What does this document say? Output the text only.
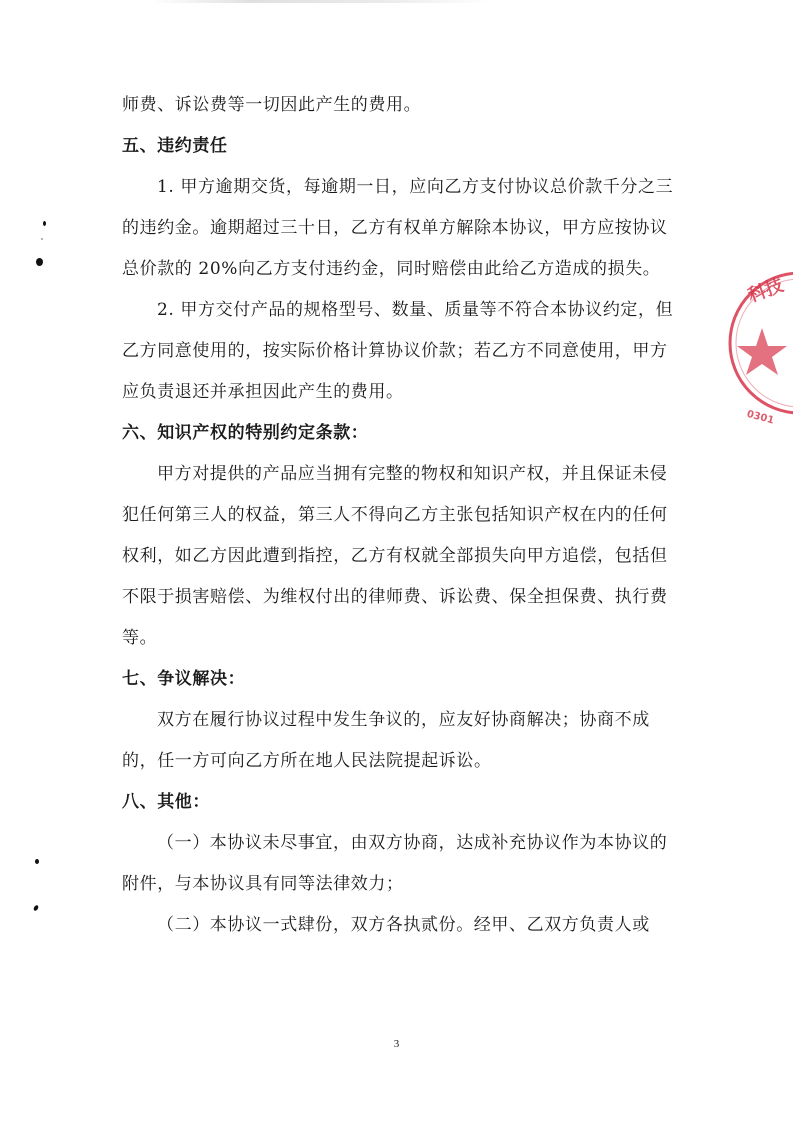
师费、诉讼费等一切因此产生的费用。

五、违约责任

1. 甲方逾期交货，每逾期一日，应向乙方支付协议总价款千分之三的违约金。逾期超过三十日，乙方有权单方解除本协议，甲方应按协议总价款的 20%向乙方支付违约金，同时赔偿由此给乙方造成的损失。

2. 甲方交付产品的规格型号、数量、质量等不符合本协议约定，但乙方同意使用的，按实际价格计算协议价款；若乙方不同意使用，甲方应负责退还并承担因此产生的费用。

六、知识产权的特别约定条款：

甲方对提供的产品应当拥有完整的物权和知识产权，并且保证未侵犯任何第三人的权益，第三人不得向乙方主张包括知识产权在内的任何权利，如乙方因此遭到指控，乙方有权就全部损失向甲方追偿，包括但不限于损害赔偿、为维权付出的律师费、诉讼费、保全担保费、执行费等。

七、争议解决：

双方在履行协议过程中发生争议的，应友好协商解决；协商不成的，任一方可向乙方所在地人民法院提起诉讼。

八、其他：

（一）本协议未尽事宜，由双方协商，达成补充协议作为本协议的附件，与本协议具有同等法律效力；

（二）本协议一式肆份，双方各执贰份。经甲、乙双方负责人或

3
科技
0301
